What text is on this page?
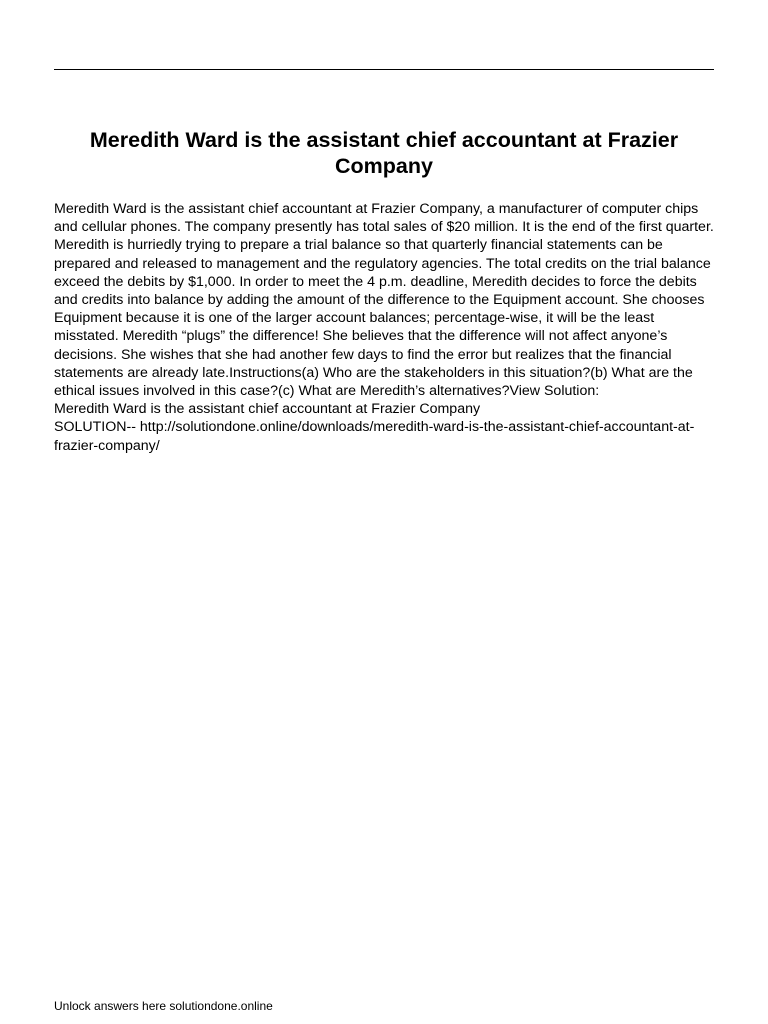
Meredith Ward is the assistant chief accountant at Frazier Company

Meredith Ward is the assistant chief accountant at Frazier Company, a manufacturer of computer chips and cellular phones. The company presently has total sales of $20 million. It is the end of the first quarter. Meredith is hurriedly trying to prepare a trial balance so that quarterly financial statements can be prepared and released to management and the regulatory agencies. The total credits on the trial balance exceed the debits by $1,000. In order to meet the 4 p.m. deadline, Meredith decides to force the debits and credits into balance by adding the amount of the difference to the Equipment account. She chooses Equipment because it is one of the larger account balances; percentage-wise, it will be the least misstated. Meredith “plugs” the difference! She believes that the difference will not affect anyone’s decisions. She wishes that she had another few days to find the error but realizes that the financial statements are already late.Instructions(a) Who are the stakeholders in this situation?(b) What are the ethical issues involved in this case?(c) What are Meredith’s alternatives?View Solution:

Meredith Ward is the assistant chief accountant at Frazier Company

SOLUTION-- http://solutiondone.online/downloads/meredith-ward-is-the-assistant-chief-accountant-at-frazier-company/

Unlock answers here solutiondone.online
